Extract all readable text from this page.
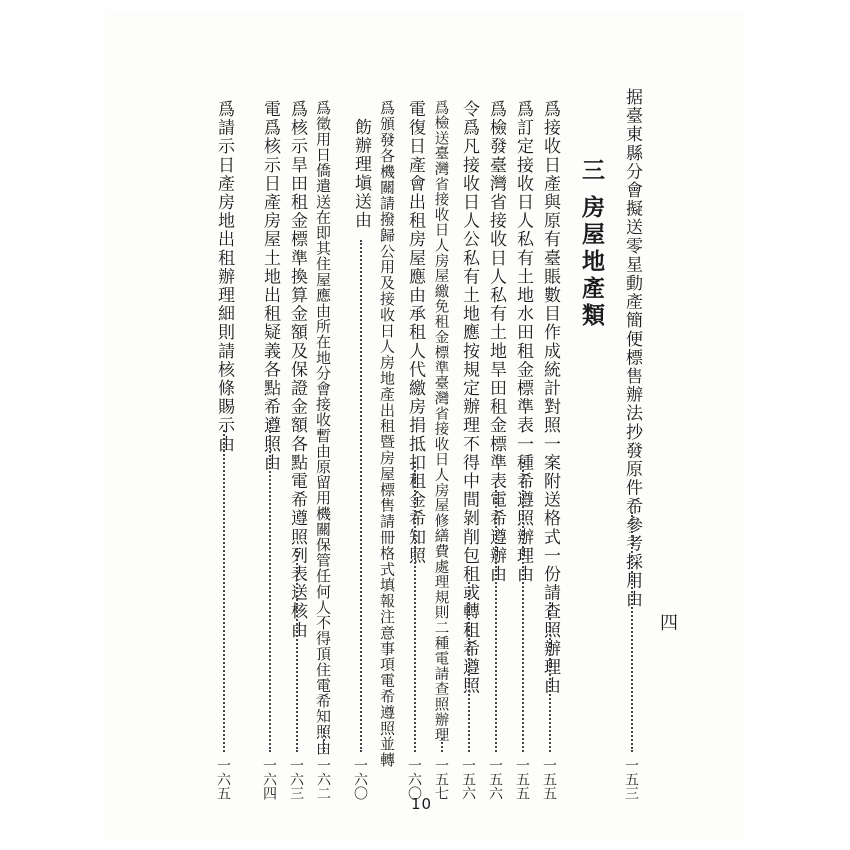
四
三
房屋地產類 据臺東縣分會擬送零星動產簡便標售辦法抄發原件希參考採用由
一五三
爲接收日產與原有臺賬數目作成統計對照一案附送格式一份請查照辦理由
一五五
爲訂定接收日人私有土地水田租金標準表一種希遵照辦理由
一五五
爲檢發臺灣省接收日人私有土地旱田租金標準表電希遵辦由
一五六
令爲凡接收日人公私有土地應按規定辦理不得中間剝削包租或轉租希遵照
一五六
爲檢送臺灣省接收日人房屋繳免租金標準臺灣省接收日人房屋修繕費處理規則二種電請查照辦理
一五七
電復日產會出租房屋應由承租人代繳房捐抵扣租金希知照
一六〇
爲頒發各機關請撥歸公用及接收日人房地產出租暨房屋標售請冊格式填報注意事項電希遵照並轉
飭辦理塡送由
一六〇
爲徵用日僑遣送在即其住屋應由所在地分會接收暫由原留用機關保管任何人不得頂住電希知照由
一六二
爲核示旱田租金標準換算金額及保證金額各點電希遵照列表送核由
一六三
電爲核示日產房屋土地出租疑義各點希遵照由
一六四
爲請示日產房地出租辦理細則請核條賜示由
一六五
10
